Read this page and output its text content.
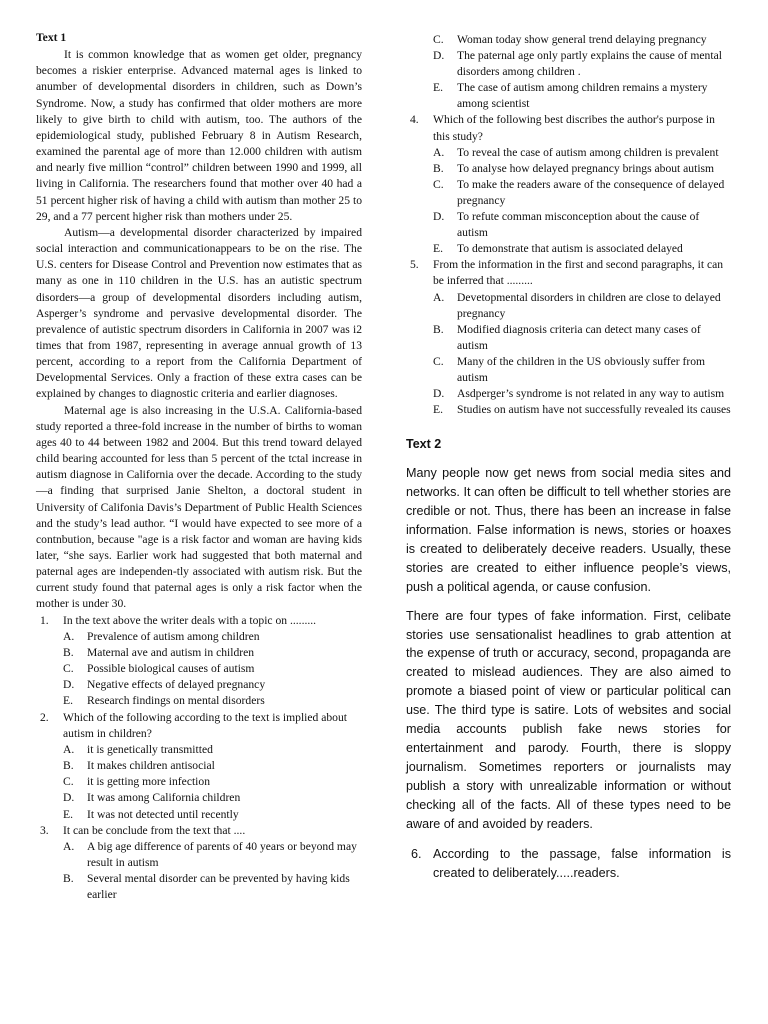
Text 1

It is common knowledge that as women get older, pregnancy becomes a riskier enterprise. Advanced maternal ages is linked to anumber of developmental disorders in children, such as Down’s Syndrome. Now, a study has confirmed that older mothers are more likely to give birth to child with autism, too. The authors of the epidemiological study, published February 8 in Autism Research, examined the parental age of more than 12.000 children with autism and nearly five million “control” children between 1990 and 1999, all living in California. The researchers found that mother over 40 had a 51 percent higher risk of having a child with autism than mother 25 to 29, and a 77 percent higher risk than mothers under 25.

Autism—a developmental disorder characterized by impaired social interaction and communicationappears to be on the rise. The U.S. centers for Disease Control and Prevention now estimates that as many as one in 110 children in the U.S. has an autistic spectrum disorders—a group of developmental disorders including autism, Asperger’s syndrome and pervasive developmental disorder. The prevalence of autistic spectrum disorders in California in 2007 was i2 times that from 1987, representing in average annual growth of 13 percent, according to a report from the California Department of Developmental Services. Only a fraction of these extra cases can be explained by changes to diagnostic criteria and earlier diagnoses.

Maternal age is also increasing in the U.S.A. California-based study reported a three-fold increase in the number of births to woman ages 40 to 44 between 1982 and 2004. But this trend toward delayed child bearing accounted for less than 5 percent of the tctal increase in autism diagnose in California over the decade. According to the study—a finding that surprised Janie Shelton, a doctoral student in University of Califonia Davis’s Department of Public Health Sciences and the study’s lead author. “I would have expected to see more of a contnbution, because "age is a risk factor and woman are having kids later, “she says. Earlier work had suggested that both maternal and paternal ages are independen-tly associated with autism risk. But the current study found that paternal ages is only a risk factor when the mother is under 30.

1.	In the text above the writer deals with a topic on .........
A.	Prevalence of autism among children
B.	Maternal ave and autism in children
C.	Possible biological causes of autism
D.	Negative effects of delayed pregnancy
E.	Research findings on mental disorders
2.	Which of the following according to the text is implied about autism in children?
A.	it is genetically transmitted
B.	It makes children antisocial
C.	it is getting more infection
D.	It was among California children
E.	It was not detected until recently
3.	It can be conclude from the text that ....
A.	A big age difference of parents of 40 years or beyond may result in autism
B.	Several mental disorder can be prevented by having kids earlier
C.	Woman today show general trend delaying pregnancy
D.	The paternal age only partly explains the cause of mental disorders among children .
E.	The case of autism among children remains a mystery among scientist
4.	Which of the following best discribes the author's purpose in this study?
A.	To reveal the case of autism among children is prevalent
B.	To analyse how delayed pregnancy brings about autism
C.	To make the readers aware of the consequence of delayed pregnancy
D.	To refute comman misconception about the cause of autism
E.	To demonstrate that autism is associated delayed
5.	From the information in the first and second paragraphs, it can be inferred that .........
A.	Devetopmental disorders in children are close to delayed pregnancy
B.	Modified diagnosis criteria can detect many cases of autism
C.	Many of the children in the US obviously suffer from autism
D.	Asdperger’s syndrome is not related in any way to autism
E.	Studies on autism have not successfully revealed its causes
Text 2

Many people now get news from social media sites and networks. It can often be difficult to tell whether stories are credible or not. Thus, there has been an increase in false information. False information is news, stories or hoaxes is created to deliberately deceive readers. Usually, these stories are created to either influence people’s views, push a political agenda, or cause confusion.

There are four types of fake information. First, celibate stories use sensationalist headlines to grab attention at the expense of truth or accuracy, second, propaganda are created to mislead audiences. They are also aimed to promote a biased point of view or particular political can use. The third type is satire. Lots of websites and social media accounts publish fake news stories for entertainment and parody. Fourth, there is sloppy journalism. Sometimes reporters or journalists may publish a story with unrealizable information or without checking all of the facts. All of these types need to be aware of and avoided by readers.

6. According to the passage, false information is created to deliberately.....readers.
